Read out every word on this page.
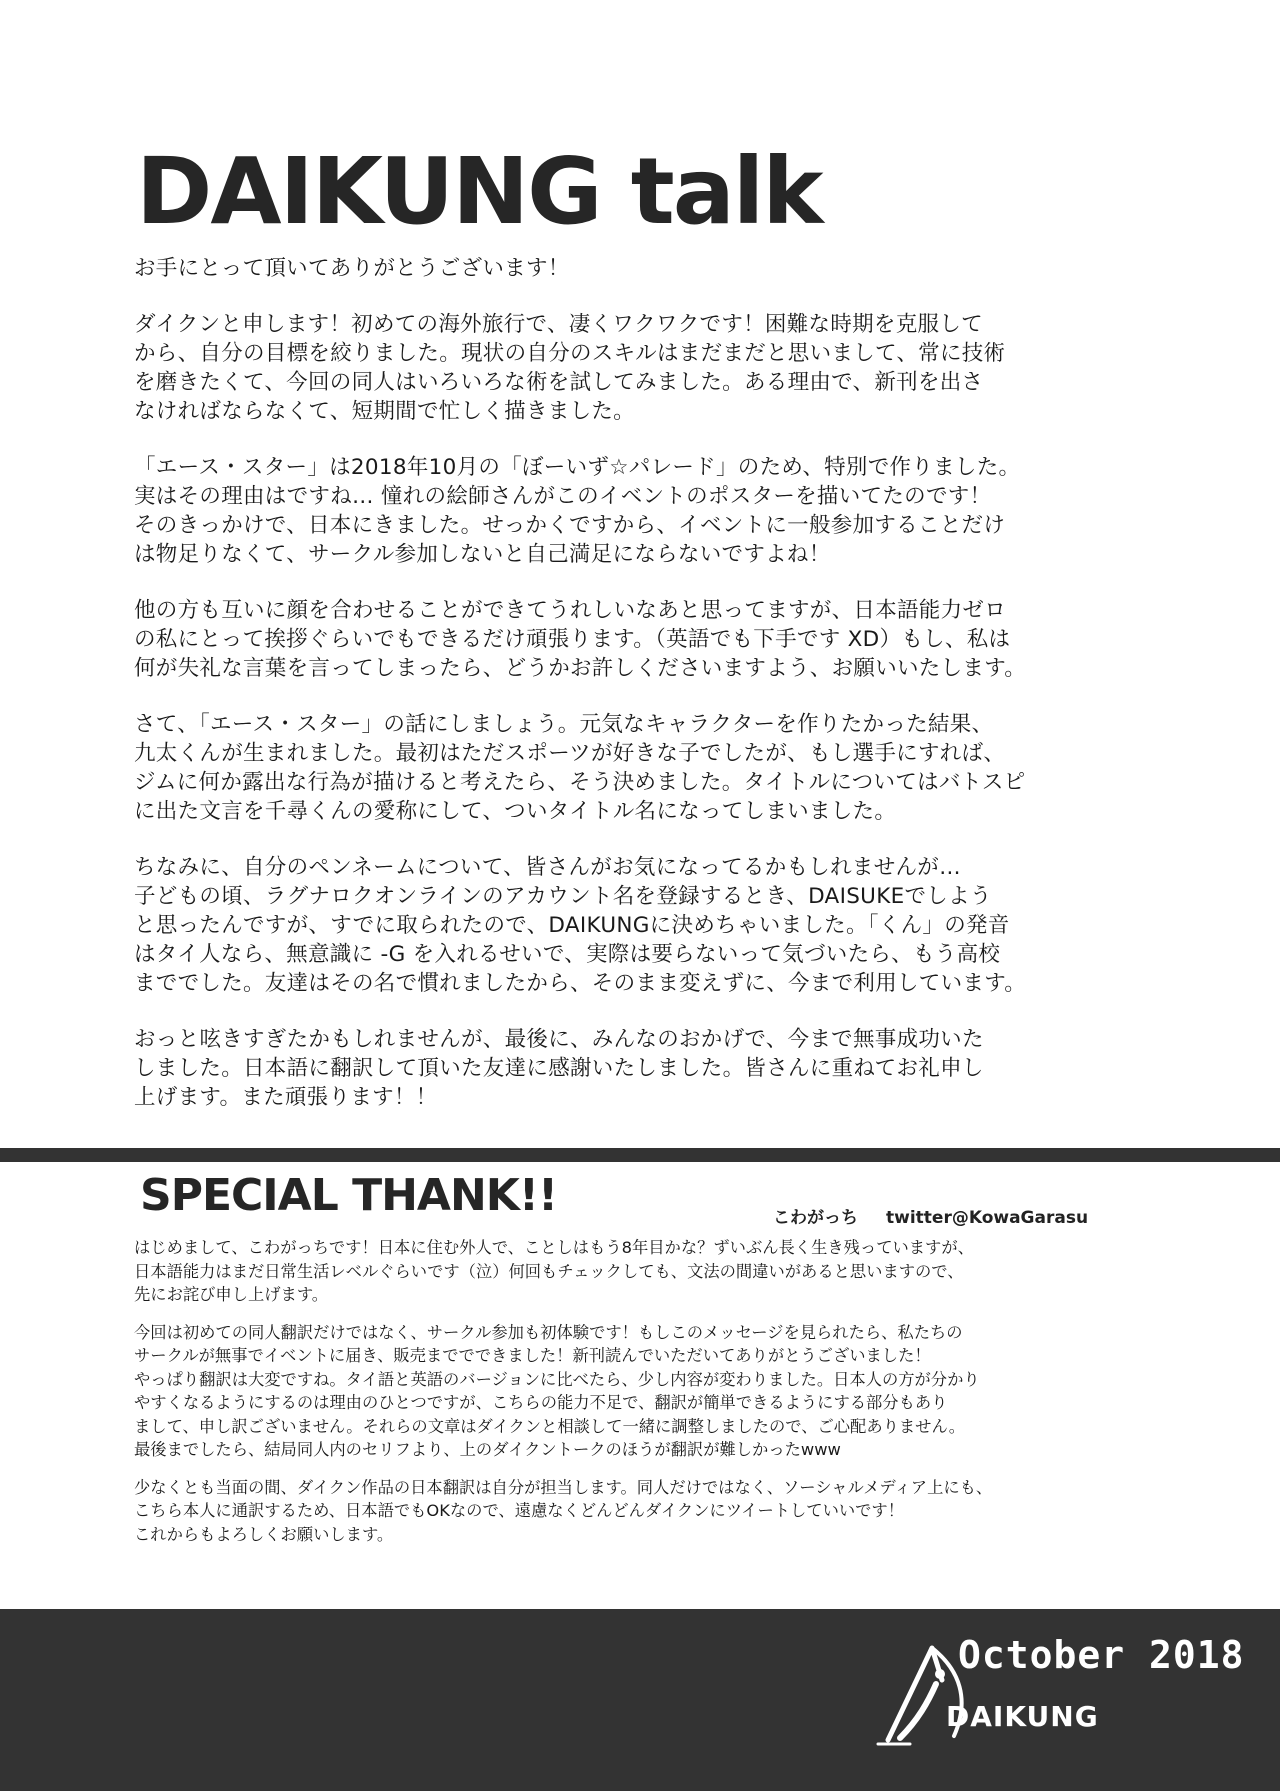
DAIKUNG talk

お手にとって頂いてありがとうございます！

ダイクンと申します！初めての海外旅行で、凄くワクワクです！困難な時期を克服して
から、自分の目標を絞りました。現状の自分のスキルはまだまだと思いまして、常に技術
を磨きたくて、今回の同人はいろいろな術を試してみました。ある理由で、新刊を出さ
なければならなくて、短期間で忙しく描きました。

「エース・スター」は2018年10月の「ぼーいず☆パレード」のため、特別で作りました。
実はその理由はですね… 憧れの絵師さんがこのイベントのポスターを描いてたのです！
そのきっかけで、日本にきました。せっかくですから、イベントに一般参加することだけ
は物足りなくて、サークル参加しないと自己満足にならないですよね！

他の方も互いに顔を合わせることができてうれしいなあと思ってますが、日本語能力ゼロ
の私にとって挨拶ぐらいでもできるだけ頑張ります。（英語でも下手です XD）もし、私は
何が失礼な言葉を言ってしまったら、どうかお許しくださいますよう、お願いいたします。

さて、「エース・スター」の話にしましょう。元気なキャラクターを作りたかった結果、
九太くんが生まれました。最初はただスポーツが好きな子でしたが、もし選手にすれば、
ジムに何か露出な行為が描けると考えたら、そう決めました。タイトルについてはバトスピ
に出た文言を千尋くんの愛称にして、ついタイトル名になってしまいました。

ちなみに、自分のペンネームについて、皆さんがお気になってるかもしれませんが…
子どもの頃、ラグナロクオンラインのアカウント名を登録するとき、DAISUKEでしよう
と思ったんですが、すでに取られたので、DAIKUNGに決めちゃいました。「くん」の発音
はタイ人なら、無意識に -G を入れるせいで、実際は要らないって気づいたら、もう高校
まででした。友達はその名で慣れましたから、そのまま変えずに、今まで利用しています。

おっと呟きすぎたかもしれませんが、最後に、みんなのおかげで、今まで無事成功いた
しました。日本語に翻訳して頂いた友達に感謝いたしました。皆さんに重ねてお礼申し
上げます。また頑張ります！！

SPECIAL THANK!!	こわがっち twitter@KowaGarasu

はじめまして、こわがっちです！日本に住む外人で、ことしはもう8年目かな？ずいぶん長く生き残っていますが、
日本語能力はまだ日常生活レベルぐらいです（泣）何回もチェックしても、文法の間違いがあると思いますので、
先にお詫び申し上げます。

今回は初めての同人翻訳だけではなく、サークル参加も初体験です！もしこのメッセージを見られたら、私たちの
サークルが無事でイベントに届き、販売まででできました！新刊読んでいただいてありがとうございました！
やっぱり翻訳は大変ですね。タイ語と英語のバージョンに比べたら、少し内容が変わりました。日本人の方が分かり
やすくなるようにするのは理由のひとつですが、こちらの能力不足で、翻訳が簡単できるようにする部分もあり
まして、申し訳ございません。それらの文章はダイクンと相談して一緒に調整しましたので、ご心配ありません。
最後までしたら、結局同人内のセリフより、上のダイクントークのほうが翻訳が難しかったwww

少なくとも当面の間、ダイクン作品の日本翻訳は自分が担当します。同人だけではなく、ソーシャルメディア上にも、
こちら本人に通訳するため、日本語でもOKなので、遠慮なくどんどんダイクンにツイートしていいです！
これからもよろしくお願いします。

October 2018
DAIKUNG
